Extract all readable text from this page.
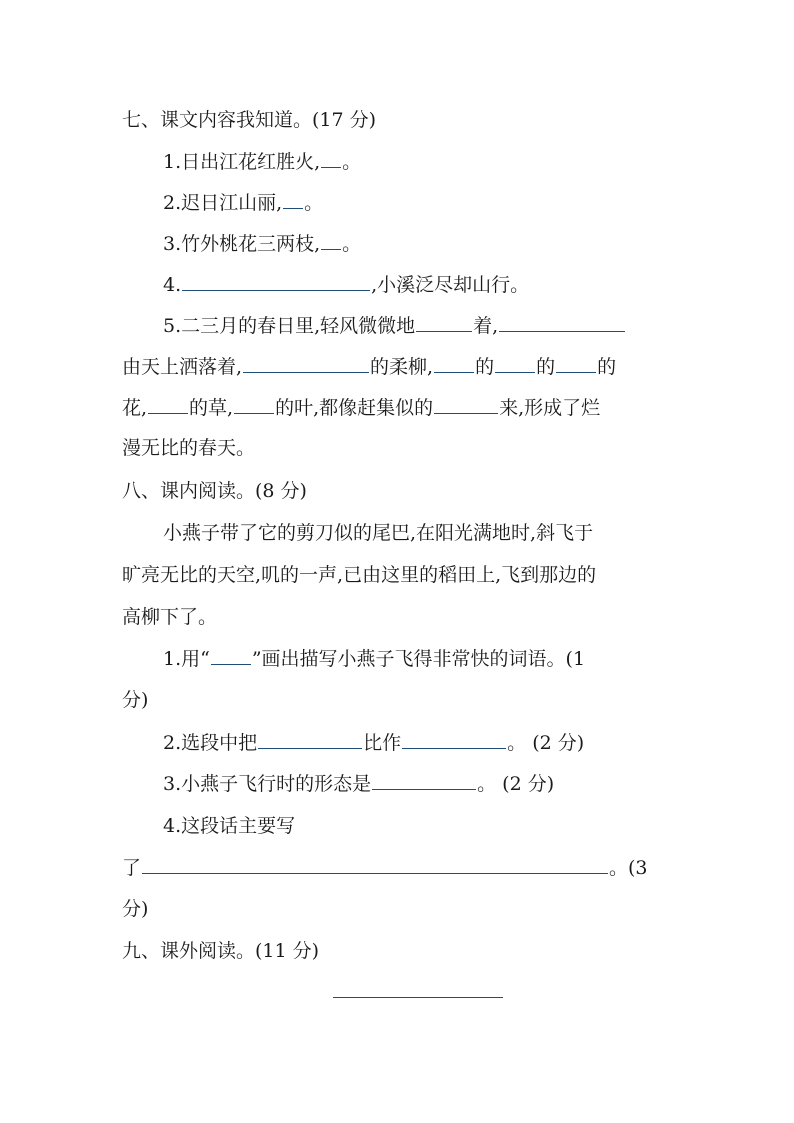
七、课文内容我知道。(17 分)
1.日出江花红胜火, 。
2.迟日江山丽, 。
3.竹外桃花三两枝, 。
4.	,小溪泛尽却山行。
5.二三月的春日里,轻风微微地	着,
由天上洒落着,	的柔柳, 的 的 的
花, 的草, 的叶,都像赶集似的	来,形成了烂
漫无比的春天。
八、课内阅读。(8 分)
小燕子带了它的剪刀似的尾巴,在阳光满地时,斜飞于
旷亮无比的天空,叽的一声,已由这里的稻田上,飞到那边的
高柳下了。
1.用“ ”画出描写小燕子飞得非常快的词语。(1
分)
2.选段中把	比作	。 (2 分)
3.小燕子飞行时的形态是	。 (2 分)
4.这段话主要写
了	。(3
分)
九、课外阅读。(11 分)
